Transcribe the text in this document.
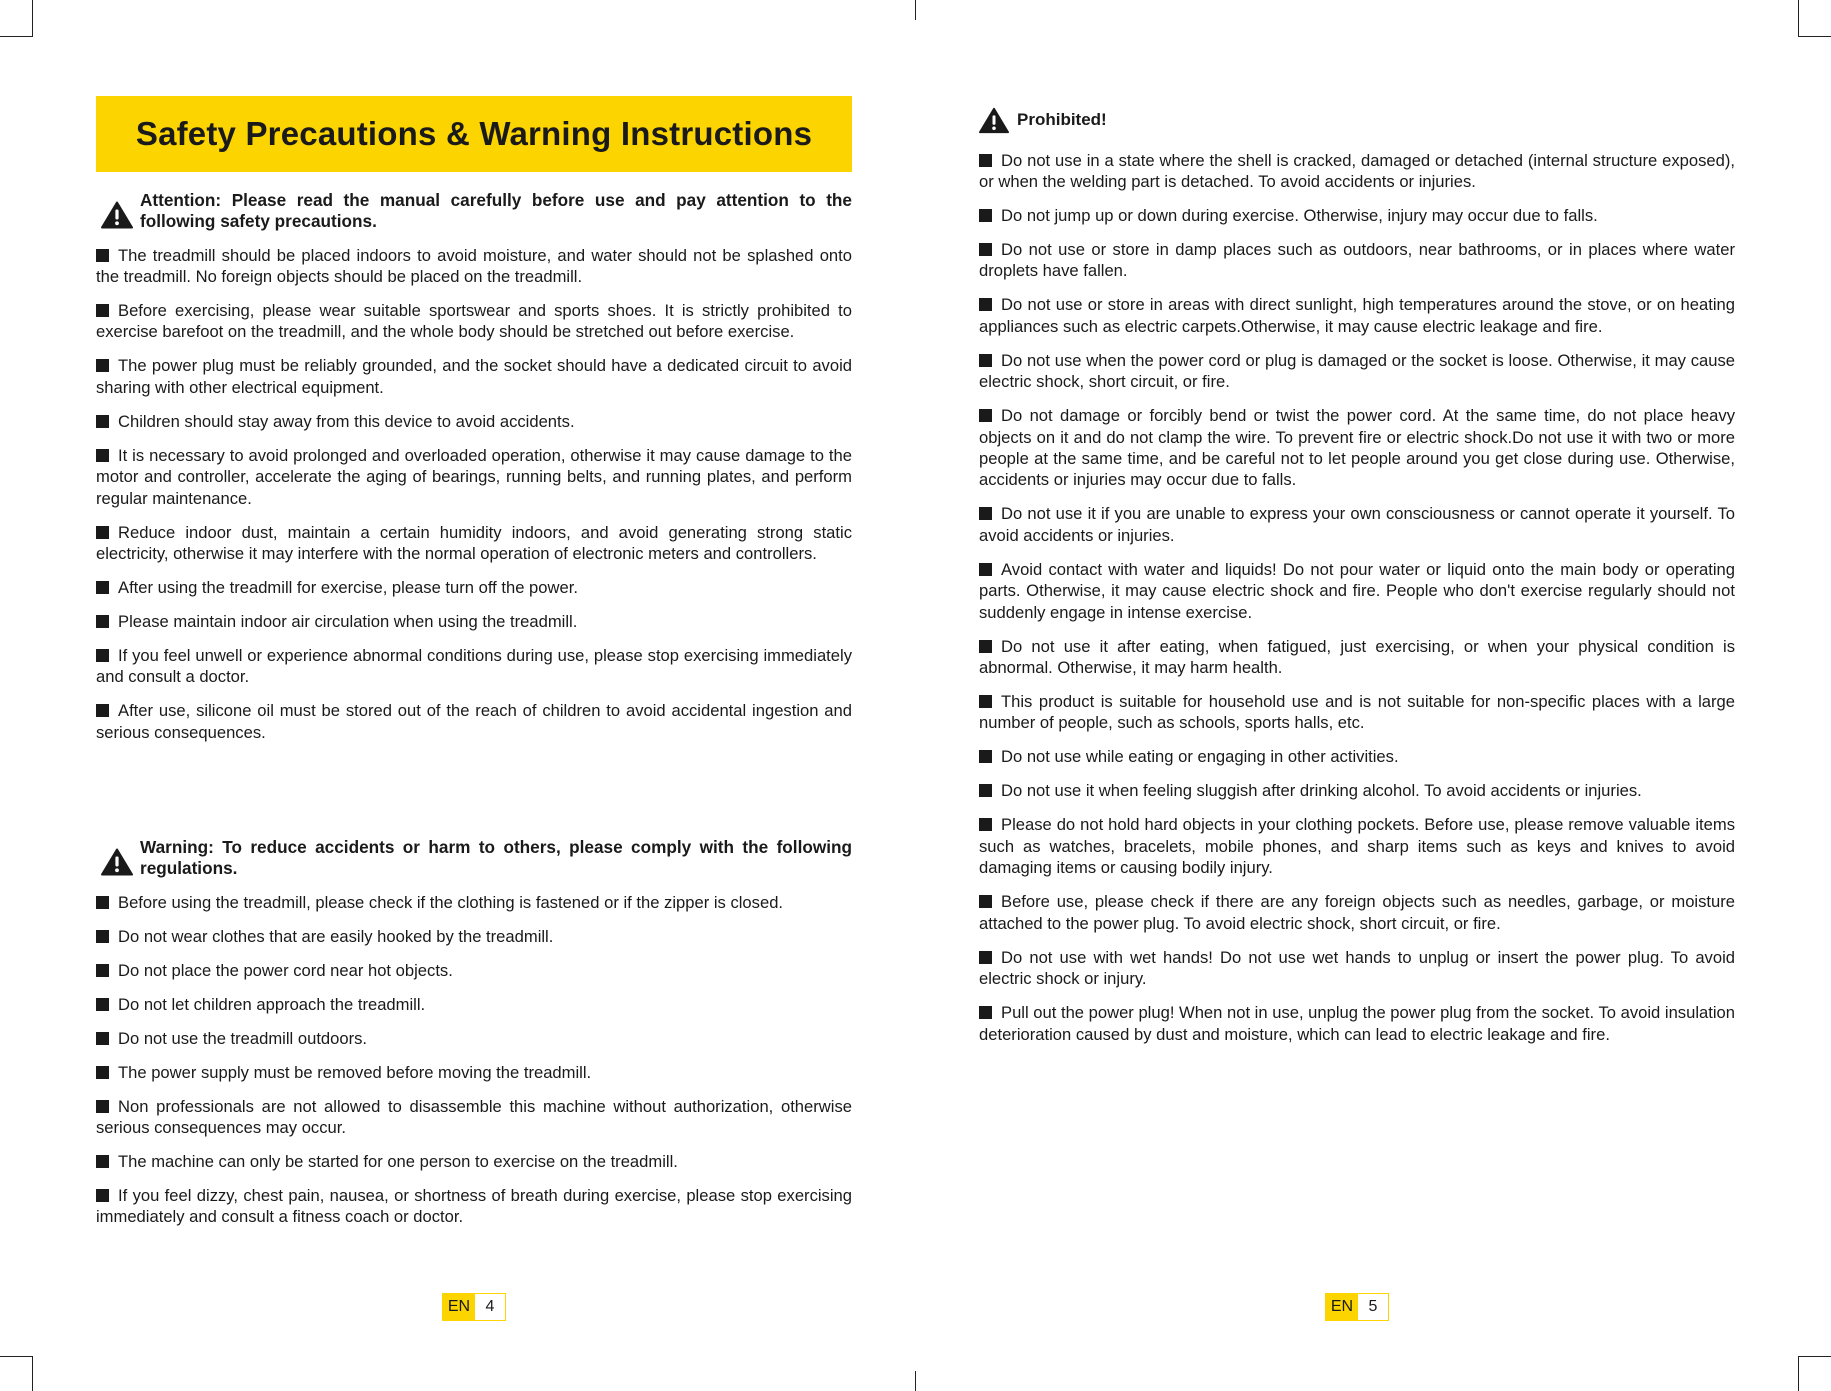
Safety Precautions & Warning Instructions
Attention: Please read the manual carefully before use and pay attention to the following safety precautions.
The treadmill should be placed indoors to avoid moisture, and water should not be splashed onto the treadmill. No foreign objects should be placed on the treadmill.
Before exercising, please wear suitable sportswear and sports shoes. It is strictly prohibited to exercise barefoot on the treadmill, and the whole body should be stretched out before exercise.
The power plug must be reliably grounded, and the socket should have a dedicated circuit to avoid sharing with other electrical equipment.
Children should stay away from this device to avoid accidents.
It is necessary to avoid prolonged and overloaded operation, otherwise it may cause damage to the motor and controller, accelerate the aging of bearings, running belts, and running plates, and perform regular maintenance.
Reduce indoor dust, maintain a certain humidity indoors, and avoid generating strong static electricity, otherwise it may interfere with the normal operation of electronic meters and controllers.
After using the treadmill for exercise, please turn off the power.
Please maintain indoor air circulation when using the treadmill.
If you feel unwell or experience abnormal conditions during use, please stop exercising immediately and consult a doctor.
After use, silicone oil must be stored out of the reach of children to avoid accidental ingestion and serious consequences.
Warning: To reduce accidents or harm to others, please comply with the following regulations.
Before using the treadmill, please check if the clothing is fastened or if the zipper is closed.
Do not wear clothes that are easily hooked by the treadmill.
Do not place the power cord near hot objects.
Do not let children approach the treadmill.
Do not use the treadmill outdoors.
The power supply must be removed before moving the treadmill.
Non professionals are not allowed to disassemble this machine without authorization, otherwise serious consequences may occur.
The machine can only be started for one person to exercise on the treadmill.
If you feel dizzy, chest pain, nausea, or shortness of breath during exercise, please stop exercising immediately and consult a fitness coach or doctor.
EN 4
Prohibited!
Do not use in a state where the shell is cracked, damaged or detached (internal structure exposed), or when the welding part is detached. To avoid accidents or injuries.
Do not jump up or down during exercise. Otherwise, injury may occur due to falls.
Do not use or store in damp places such as outdoors, near bathrooms, or in places where water droplets have fallen.
Do not use or store in areas with direct sunlight, high temperatures around the stove, or on heating appliances such as electric carpets.Otherwise, it may cause electric leakage and fire.
Do not use when the power cord or plug is damaged or the socket is loose. Otherwise, it may cause electric shock, short circuit, or fire.
Do not damage or forcibly bend or twist the power cord. At the same time, do not place heavy objects on it and do not clamp the wire. To prevent fire or electric shock.Do not use it with two or more people at the same time, and be careful not to let people around you get close during use. Otherwise, accidents or injuries may occur due to falls.
Do not use it if you are unable to express your own consciousness or cannot operate it yourself. To avoid accidents or injuries.
Avoid contact with water and liquids! Do not pour water or liquid onto the main body or operating parts. Otherwise, it may cause electric shock and fire. People who don't exercise regularly should not suddenly engage in intense exercise.
Do not use it after eating, when fatigued, just exercising, or when your physical condition is abnormal. Otherwise, it may harm health.
This product is suitable for household use and is not suitable for non-specific places with a large number of people, such as schools, sports halls, etc.
Do not use while eating or engaging in other activities.
Do not use it when feeling sluggish after drinking alcohol. To avoid accidents or injuries.
Please do not hold hard objects in your clothing pockets. Before use, please remove valuable items such as watches, bracelets, mobile phones, and sharp items such as keys and knives to avoid damaging items or causing bodily injury.
Before use, please check if there are any foreign objects such as needles, garbage, or moisture attached to the power plug. To avoid electric shock, short circuit, or fire.
Do not use with wet hands! Do not use wet hands to unplug or insert the power plug. To avoid electric shock or injury.
Pull out the power plug! When not in use, unplug the power plug from the socket. To avoid insulation deterioration caused by dust and moisture, which can lead to electric leakage and fire.
EN 5
